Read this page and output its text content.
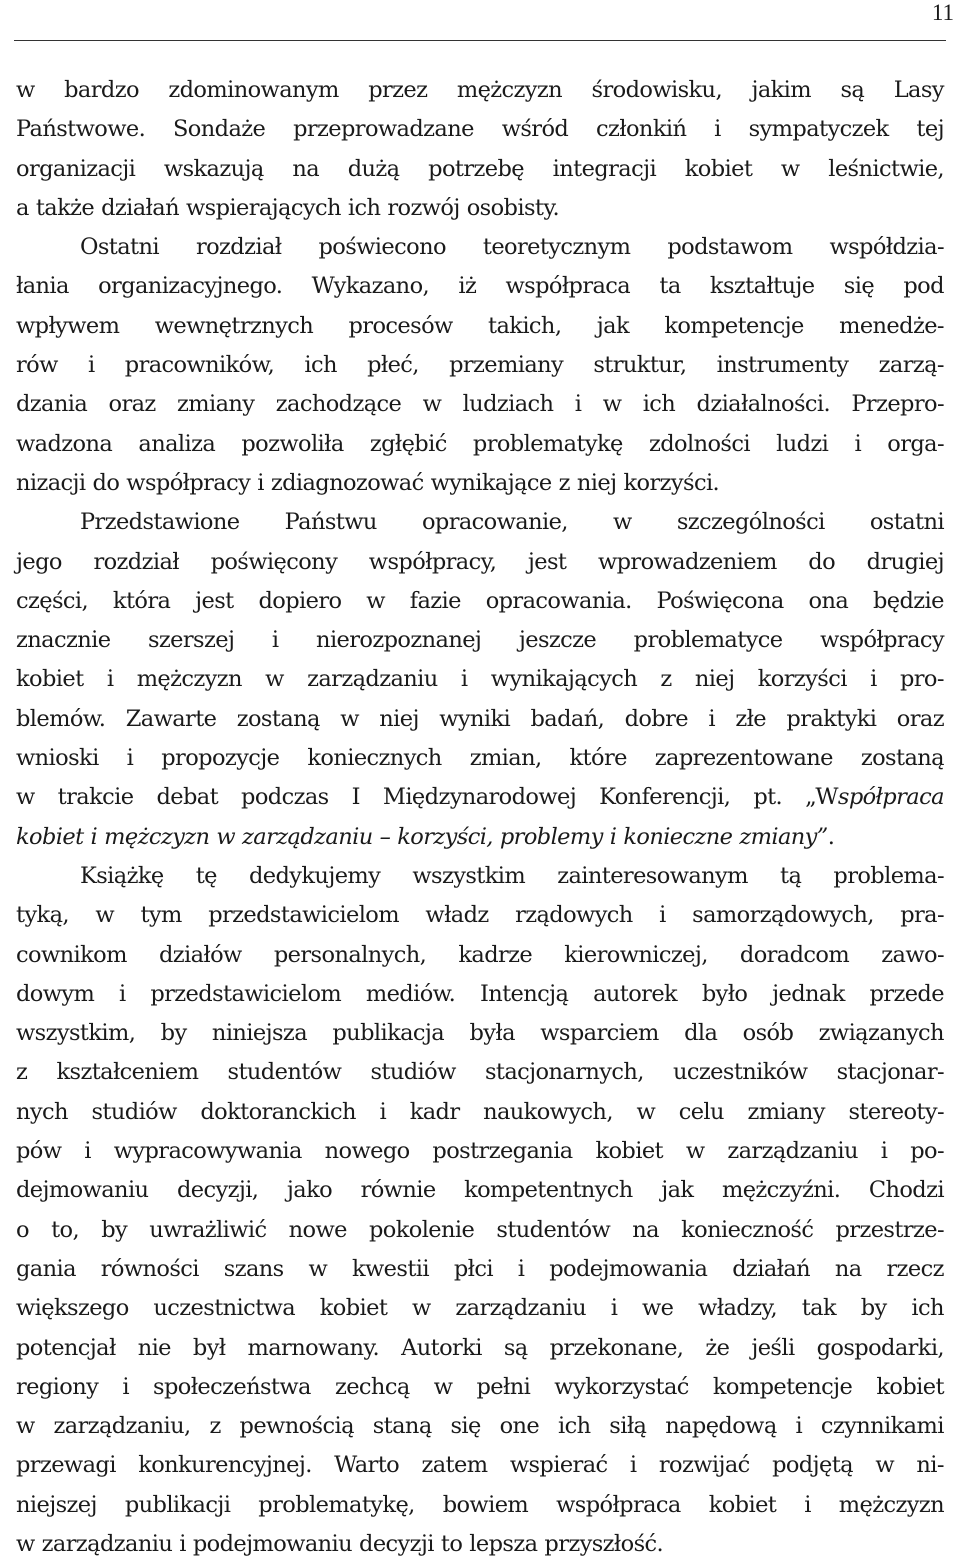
11
w bardzo zdominowanym przez mężczyzn środowisku, jakim są Lasy
Państwowe. Sondaże przeprowadzane wśród członkiń i sympatyczek tej
organizacji wskazują na dużą potrzebę integracji kobiet w leśnictwie,
a także działań wspierających ich rozwój osobisty.
Ostatni rozdział poświecono teoretycznym podstawom współdzia-
łania organizacyjnego. Wykazano, iż współpraca ta kształtuje się pod
wpływem wewnętrznych procesów takich, jak kompetencje menedże-
rów i pracowników, ich płeć, przemiany struktur, instrumenty zarzą-
dzania oraz zmiany zachodzące w ludziach i w ich działalności. Przepro-
wadzona analiza pozwoliła zgłębić problematykę zdolności ludzi i orga-
nizacji do współpracy i zdiagnozować wynikające z niej korzyści.
Przedstawione Państwu opracowanie, w szczególności ostatni
jego rozdział poświęcony współpracy, jest wprowadzeniem do drugiej
części, która jest dopiero w fazie opracowania. Poświęcona ona będzie
znacznie szerszej i nierozpoznanej jeszcze problematyce współpracy
kobiet i mężczyzn w zarządzaniu i wynikających z niej korzyści i pro-
blemów. Zawarte zostaną w niej wyniki badań, dobre i złe praktyki oraz
wnioski i propozycje koniecznych zmian, które zaprezentowane zostaną
w trakcie debat podczas I Międzynarodowej Konferencji, pt. „Współpraca
kobiet i mężczyzn w zarządzaniu – korzyści, problemy i konieczne zmiany”.
Książkę tę dedykujemy wszystkim zainteresowanym tą problema-
tyką, w tym przedstawicielom władz rządowych i samorządowych, pra-
cownikom działów personalnych, kadrze kierowniczej, doradcom zawo-
dowym i przedstawicielom mediów. Intencją autorek było jednak przede
wszystkim, by niniejsza publikacja była wsparciem dla osób związanych
z kształceniem studentów studiów stacjonarnych, uczestników stacjonar-
nych studiów doktoranckich i kadr naukowych, w celu zmiany stereoty-
pów i wypracowywania nowego postrzegania kobiet w zarządzaniu i po-
dejmowaniu decyzji, jako równie kompetentnych jak mężczyźni. Chodzi
o to, by uwrażliwić nowe pokolenie studentów na konieczność przestrze-
gania równości szans w kwestii płci i podejmowania działań na rzecz
większego uczestnictwa kobiet w zarządzaniu i we władzy, tak by ich
potencjał nie był marnowany. Autorki są przekonane, że jeśli gospodarki,
regiony i społeczeństwa zechcą w pełni wykorzystać kompetencje kobiet
w zarządzaniu, z pewnością staną się one ich siłą napędową i czynnikami
przewagi konkurencyjnej. Warto zatem wspierać i rozwijać podjętą w ni-
niejszej publikacji problematykę, bowiem współpraca kobiet i mężczyzn
w zarządzaniu i podejmowaniu decyzji to lepsza przyszłość.
